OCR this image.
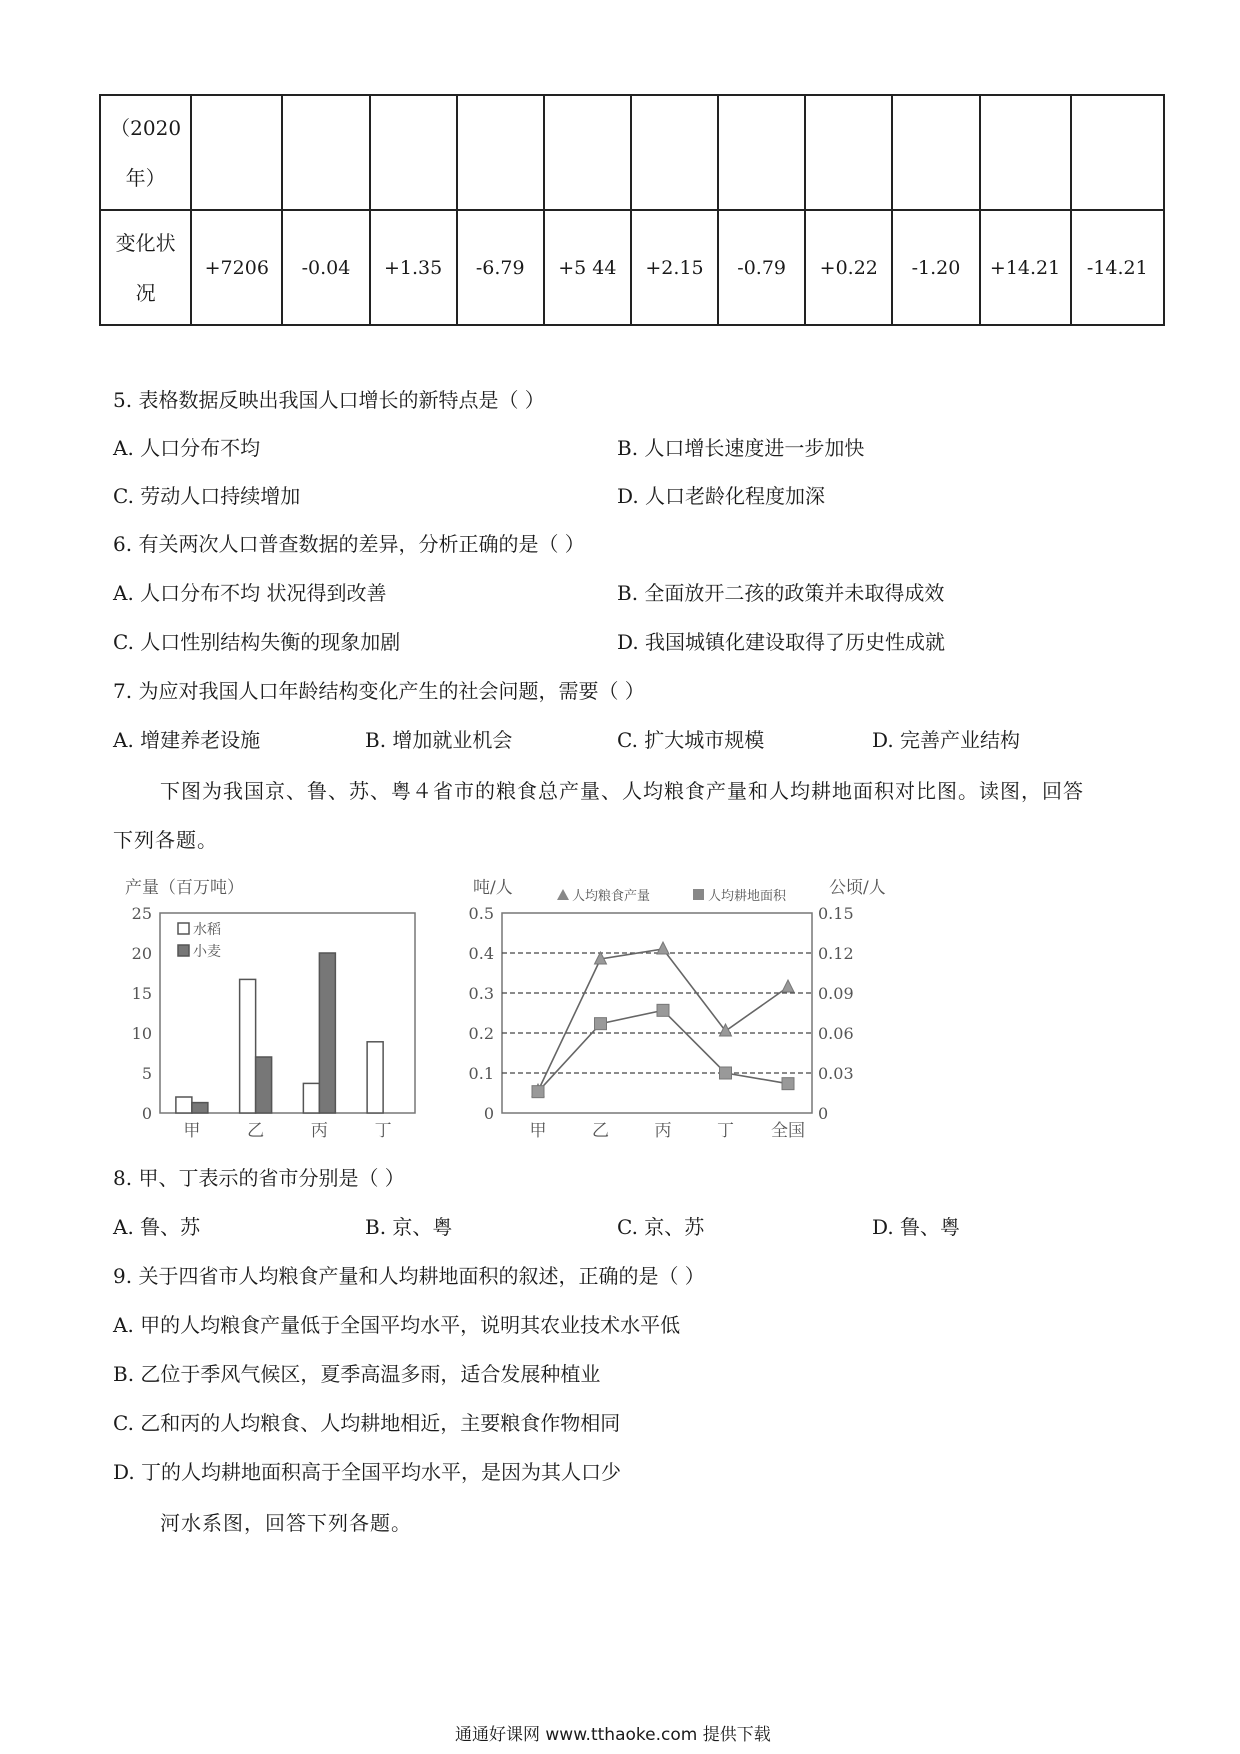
（2020
年）											

变化状
况	+7206	-0.04	+1.35	-6.79	+5 44	+2.15	-0.79	+0.22	-1.20	+14.21	-14.21
5. 表格数据反映出我国人口增长的新特点是（ ）
A. 人口分布不均	B. 人口增长速度进一步加快
C. 劳动人口持续增加	D. 人口老龄化程度加深
6. 有关两次人口普查数据的差异，分析正确的是（ ）
A. 人口分布不均 状况得到改善	B. 全面放开二孩的政策并未取得成效
C. 人口性别结构失衡的现象加剧	D. 我国城镇化建设取得了历史性成就
7. 为应对我国人口年龄结构变化产生的社会问题，需要（ ）
A. 增建养老设施	B. 增加就业机会	C. 扩大城市规模	D. 完善产业结构
下图为我国京、鲁、苏、粤４省市的粮食总产量、人均粮食产量和人均耕地面积对比图。读图，回答
下列各题。
产量（百万吨）
0
5
10
15
20
25
甲	乙	丙	丁
水稻
小麦
吨/人	公顷/人
人均粮食产量	人均耕地面积
0
0.1
0.2
0.3
0.4
0.5
0
0.03
0.06
0.09
0.12
0.15
甲	乙	丙	丁 全国
8. 甲、丁表示的省市分别是（ ）
A. 鲁、苏	B. 京、粤	C. 京、苏	D. 鲁、粤
9. 关于四省市人均粮食产量和人均耕地面积的叙述，正确的是（ ）
A. 甲的人均粮食产量低于全国平均水平，说明其农业技术水平低
B. 乙位于季风气候区，夏季高温多雨，适合发展种植业
C. 乙和丙的人均粮食、人均耕地相近，主要粮食作物相同
D. 丁的人均耕地面积高于全国平均水平，是因为其人口少
河水系图，回答下列各题。
通通好课网 www.tthaoke.com 提供下载
